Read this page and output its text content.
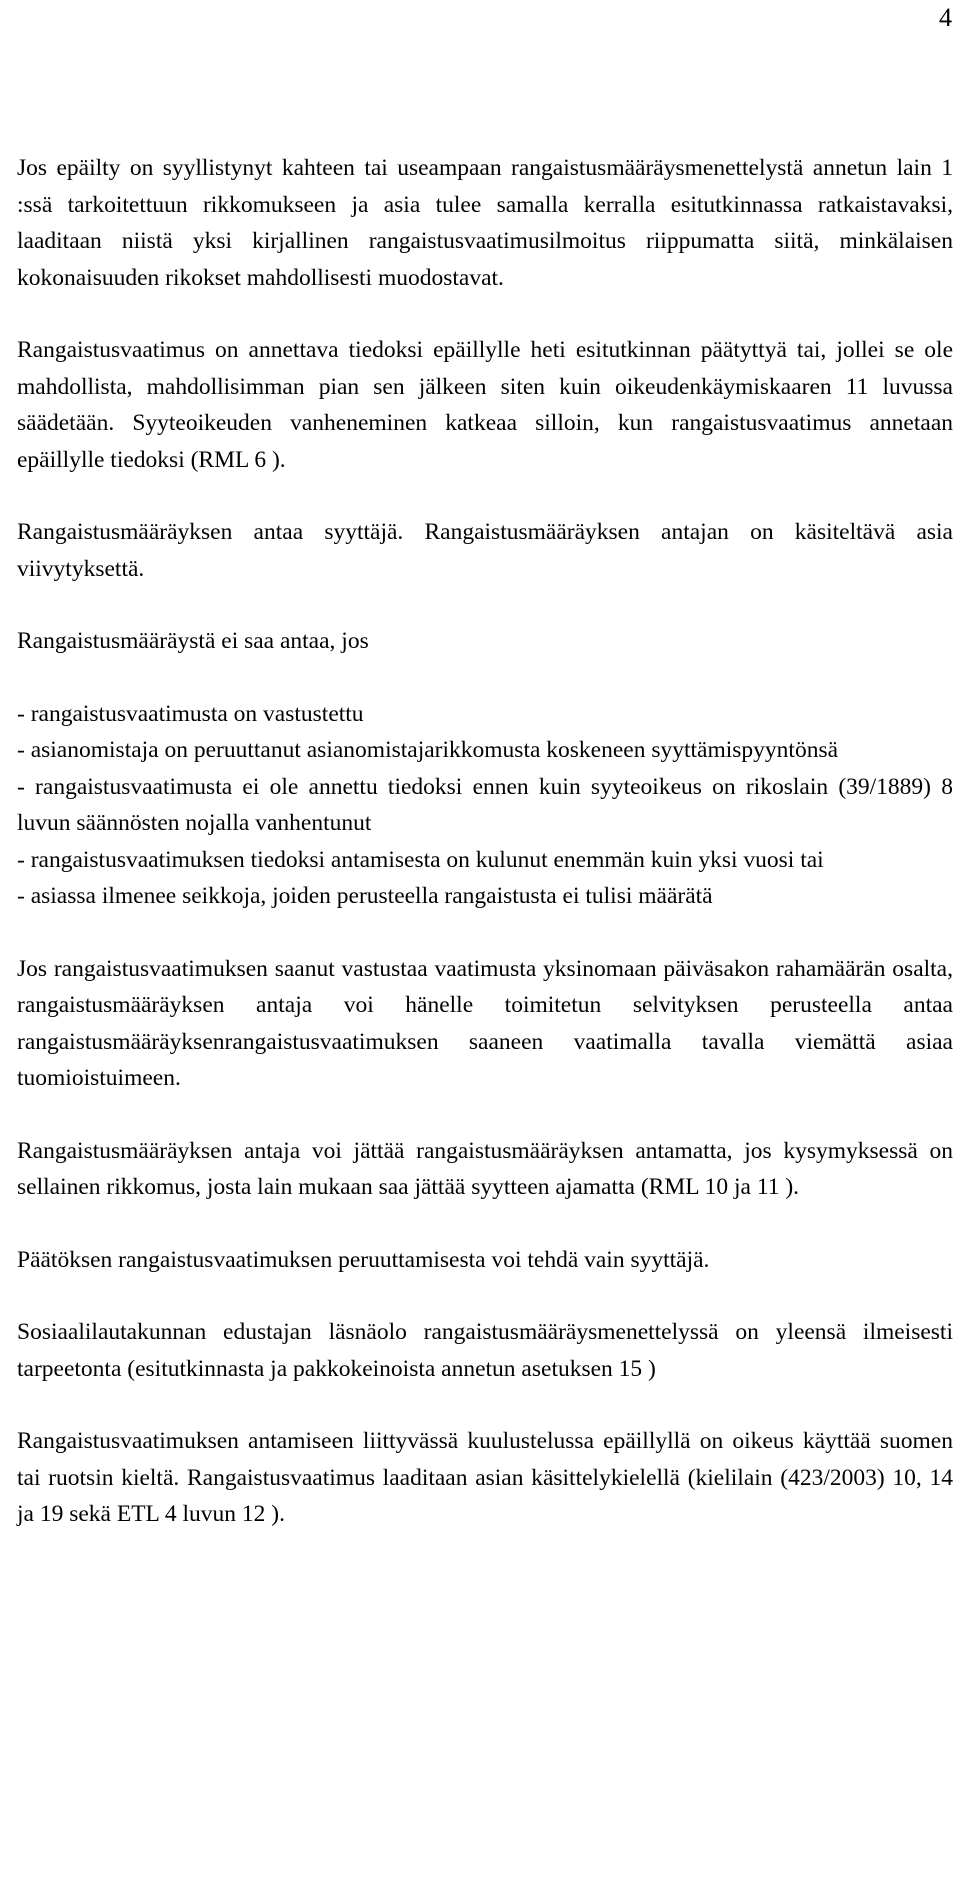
4

Jos epäilty on syyllistynyt kahteen tai useampaan rangaistusmääräysmenettelystä annetun lain 1 :ssä tarkoitettuun rikkomukseen ja asia tulee samalla kerralla esitutkinnassa ratkaistavaksi, laaditaan niistä yksi kirjallinen rangaistusvaatimusilmoitus riippumatta siitä, minkälaisen kokonaisuuden rikokset mahdollisesti muodostavat.

Rangaistusvaatimus on annettava tiedoksi epäillylle heti esitutkinnan päätyttyä tai, jollei se ole mahdollista, mahdollisimman pian sen jälkeen siten kuin oikeudenkäymiskaaren 11 luvussa säädetään. Syyteoikeuden vanheneminen katkeaa silloin, kun rangaistusvaatimus annetaan epäillylle tiedoksi (RML 6 ).

Rangaistusmääräyksen antaa syyttäjä. Rangaistusmääräyksen antajan on käsiteltävä asia viivytyksettä.

Rangaistusmääräystä ei saa antaa, jos

- rangaistusvaatimusta on vastustettu

- asianomistaja on peruuttanut asianomistajarikkomusta koskeneen syyttämispyyntönsä

- rangaistusvaatimusta ei ole annettu tiedoksi ennen kuin syyteoikeus on rikoslain (39/1889) 8 luvun säännösten nojalla vanhentunut

- rangaistusvaatimuksen tiedoksi antamisesta on kulunut enemmän kuin yksi vuosi tai

- asiassa ilmenee seikkoja, joiden perusteella rangaistusta ei tulisi määrätä

Jos rangaistusvaatimuksen saanut vastustaa vaatimusta yksinomaan päiväsakon rahamäärän osalta, rangaistusmääräyksen antaja voi hänelle toimitetun selvityksen perusteella antaa rangaistusmääräyksenrangaistusvaatimuksen saaneen vaatimalla tavalla viemättä asiaa tuomioistuimeen.

Rangaistusmääräyksen antaja voi jättää rangaistusmääräyksen antamatta, jos kysymyksessä on sellainen rikkomus, josta lain mukaan saa jättää syytteen ajamatta (RML 10 ja 11 ).

Päätöksen rangaistusvaatimuksen peruuttamisesta voi tehdä vain syyttäjä.

Sosiaalilautakunnan edustajan läsnäolo rangaistusmääräysmenettelyssä on yleensä ilmeisesti tarpeetonta (esitutkinnasta ja pakkokeinoista annetun asetuksen 15 )

Rangaistusvaatimuksen antamiseen liittyvässä kuulustelussa epäillyllä on oikeus käyttää suomen tai ruotsin kieltä. Rangaistusvaatimus laaditaan asian käsittelykielellä (kielilain (423/2003) 10, 14 ja 19 sekä ETL 4 luvun 12 ).
